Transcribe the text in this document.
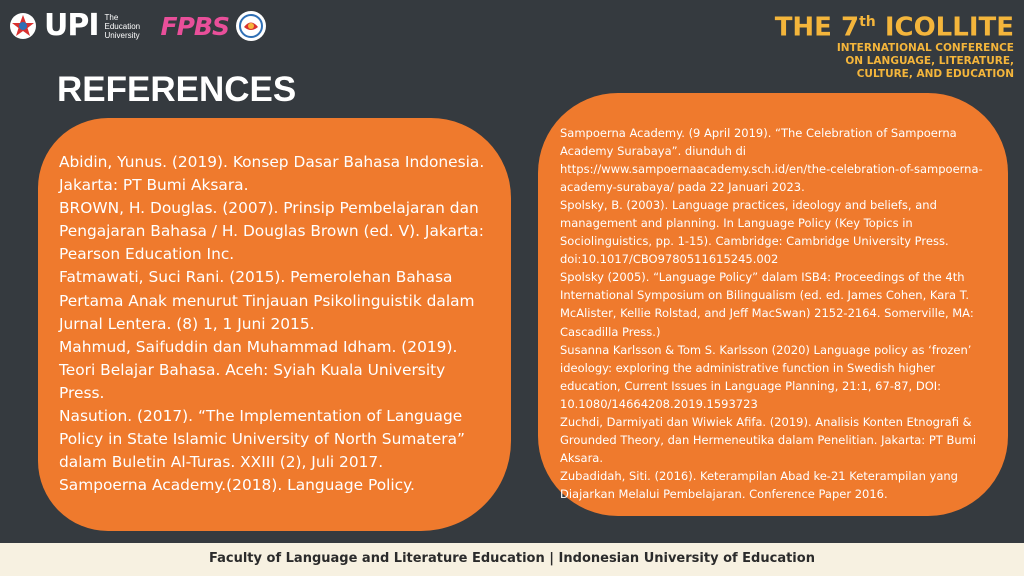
UPI The Education University FPBS	THE 7th ICOLLITE
INTERNATIONAL CONFERENCE
ON LANGUAGE, LITERATURE,
CULTURE, AND EDUCATION
REFERENCES

Abidin, Yunus. (2019). Konsep Dasar Bahasa Indonesia. Jakarta: PT Bumi Aksara.

BROWN, H. Douglas. (2007). Prinsip Pembelajaran dan Pengajaran Bahasa / H. Douglas Brown (ed. V). Jakarta: Pearson Education Inc.

Fatmawati, Suci Rani. (2015). Pemerolehan Bahasa Pertama Anak menurut Tinjauan Psikolinguistik dalam Jurnal Lentera. (8) 1, 1 Juni 2015.

Mahmud, Saifuddin dan Muhammad Idham. (2019). Teori Belajar Bahasa. Aceh: Syiah Kuala University Press.

Nasution. (2017). “The Implementation of Language Policy in State Islamic University of North Sumatera” dalam Buletin Al-Turas. XXIII (2), Juli 2017.

Sampoerna Academy.(2018). Language Policy.

Sampoerna Academy. (9 April 2019). “The Celebration of Sampoerna Academy Surabaya”. diunduh di https://www.sampoernaacademy.sch.id/en/the-celebration-of-sampoerna-academy-surabaya/ pada 22 Januari 2023.

Spolsky, B. (2003). Language practices, ideology and beliefs, and management and planning. In Language Policy (Key Topics in Sociolinguistics, pp. 1-15). Cambridge: Cambridge University Press. doi:10.1017/CBO9780511615245.002

Spolsky (2005). “Language Policy” dalam ISB4: Proceedings of the 4th International Symposium on Bilingualism (ed. ed. James Cohen, Kara T. McAlister, Kellie Rolstad, and Jeff MacSwan) 2152-2164. Somerville, MA: Cascadilla Press.)

Susanna Karlsson & Tom S. Karlsson (2020) Language policy as ‘frozen’ ideology: exploring the administrative function in Swedish higher education, Current Issues in Language Planning, 21:1, 67-87, DOI: 10.1080/14664208.2019.1593723

Zuchdi, Darmiyati dan Wiwiek Afifa. (2019). Analisis Konten Etnografi & Grounded Theory, dan Hermeneutika dalam Penelitian. Jakarta: PT Bumi Aksara.

Zubadidah, Siti. (2016). Keterampilan Abad ke-21 Keterampilan yang Diajarkan Melalui Pembelajaran. Conference Paper 2016.

Faculty of Language and Literature Education | Indonesian University of Education
